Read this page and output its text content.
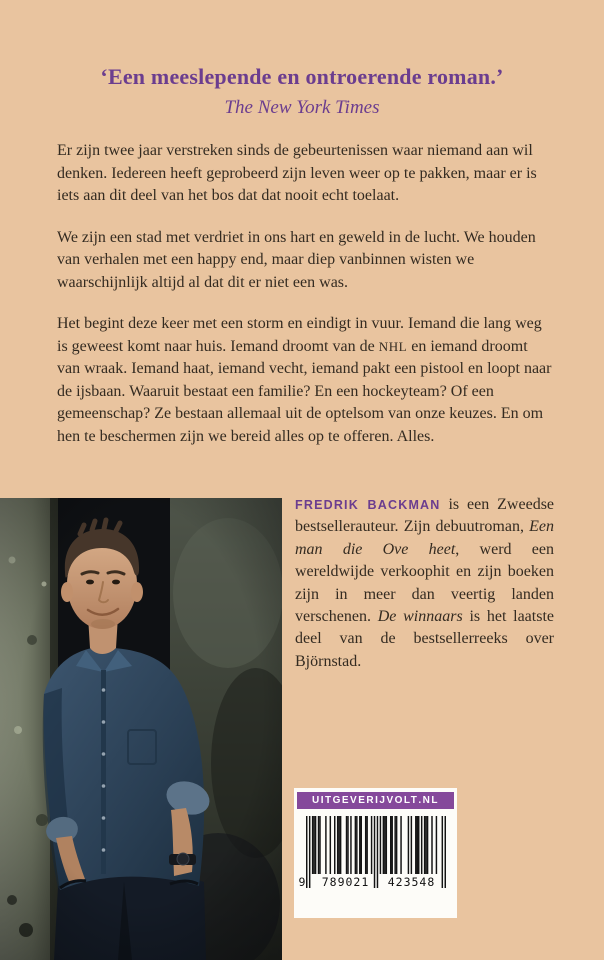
‘Een meeslepende en ontroerende roman.’
The New York Times

Er zijn twee jaar verstreken sinds de gebeurtenissen waar niemand aan wil denken. Iedereen heeft geprobeerd zijn leven weer op te pakken, maar er is iets aan dit deel van het bos dat dat nooit echt toelaat.

We zijn een stad met verdriet in ons hart en geweld in de lucht. We houden van verhalen met een happy end, maar diep vanbinnen wisten we waarschijnlijk altijd al dat dit er niet een was.

Het begint deze keer met een storm en eindigt in vuur. Iemand die lang weg is geweest komt naar huis. Iemand droomt van de NHL en iemand droomt van wraak. Iemand haat, iemand vecht, iemand pakt een pistool en loopt naar de ijsbaan. Waaruit bestaat een familie? En een hockeyteam? Of een gemeenschap? Ze bestaan allemaal uit de optelsom van onze keuzes. En om hen te beschermen zijn we bereid alles op te offeren. Alles.

FREDRIK BACKMAN is een Zweedse bestsellerauteur. Zijn debuutroman, Een man die Ove heet, werd een wereldwijde verkoophit en zijn boeken zijn in meer dan veertig landen verschenen. De winnaars is het laatste deel van de bestsellerreeks over Björnstad.
UITGEVERIJ VOLT .NL
9	789021	423548
